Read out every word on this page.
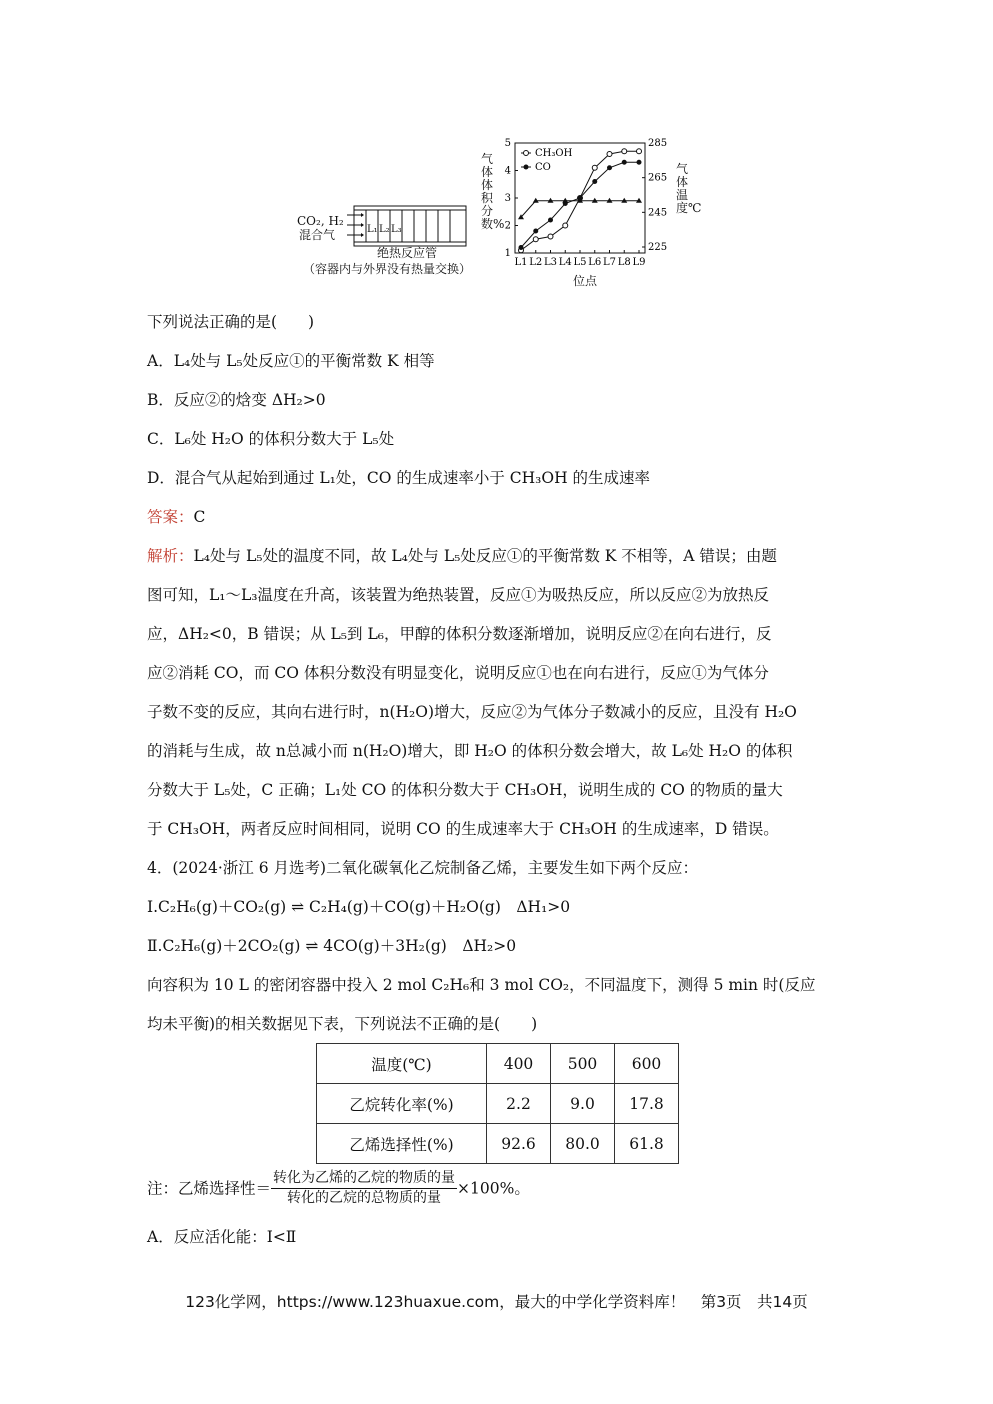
CO₂, H₂
混合气	L₁ L₂ L₃
绝热反应管
（容器内与外界没有热量交换）
气体体积分数%
气体温度℃
位点
1
2
3
4
5
225
245
265
285
L1 L2 L3 L4 L5 L6 L7 L8 L9
CH₃OH
CO
下列说法正确的是(　　)
A．L₄处与 L₅处反应①的平衡常数 K 相等
B．反应②的焓变 ΔH₂>0
C．L₆处 H₂O 的体积分数大于 L₅处
D．混合气从起始到通过 L₁处，CO 的生成速率小于 CH₃OH 的生成速率
答案：C
解析：L₄处与 L₅处的温度不同，故 L₄处与 L₅处反应①的平衡常数 K 不相等，A 错误；由题
图可知，L₁～L₃温度在升高，该装置为绝热装置，反应①为吸热反应，所以反应②为放热反
应，ΔH₂<0，B 错误；从 L₅到 L₆，甲醇的体积分数逐渐增加，说明反应②在向右进行，反
应②消耗 CO，而 CO 体积分数没有明显变化，说明反应①也在向右进行，反应①为气体分
子数不变的反应，其向右进行时，n(H₂O)增大，反应②为气体分子数减小的反应，且没有 H₂O
的消耗与生成，故 n总减小而 n(H₂O)增大，即 H₂O 的体积分数会增大，故 L₆处 H₂O 的体积
分数大于 L₅处，C 正确；L₁处 CO 的体积分数大于 CH₃OH，说明生成的 CO 的物质的量大
于 CH₃OH，两者反应时间相同，说明 CO 的生成速率大于 CH₃OH 的生成速率，D 错误。
4．(2024·浙江 6 月选考)二氧化碳氧化乙烷制备乙烯，主要发生如下两个反应：
Ⅰ.C₂H₆(g)＋CO₂(g) ⇌ C₂H₄(g)＋CO(g)＋H₂O(g)　ΔH₁>0
Ⅱ.C₂H₆(g)＋2CO₂(g) ⇌ 4CO(g)＋3H₂(g)　ΔH₂>0
向容积为 10 L 的密闭容器中投入 2 mol C₂H₆和 3 mol CO₂，不同温度下，测得 5 min 时(反应
均未平衡)的相关数据见下表，下列说法不正确的是(　　)
温度(℃)	400	500	600
乙烷转化率(%)	2.2	9.0	17.8
乙烯选择性(%)	92.6	80.0	61.8
注：乙烯选择性＝ $\frac{\text{转化为乙烯的乙烷的物质的量}}{\text{转化的乙烷的总物质的量}} \times 100\%$。
A．反应活化能：Ⅰ<Ⅱ
123化学网，https://www.123huaxue.com，最大的中学化学资料库！　第3页　共14页
